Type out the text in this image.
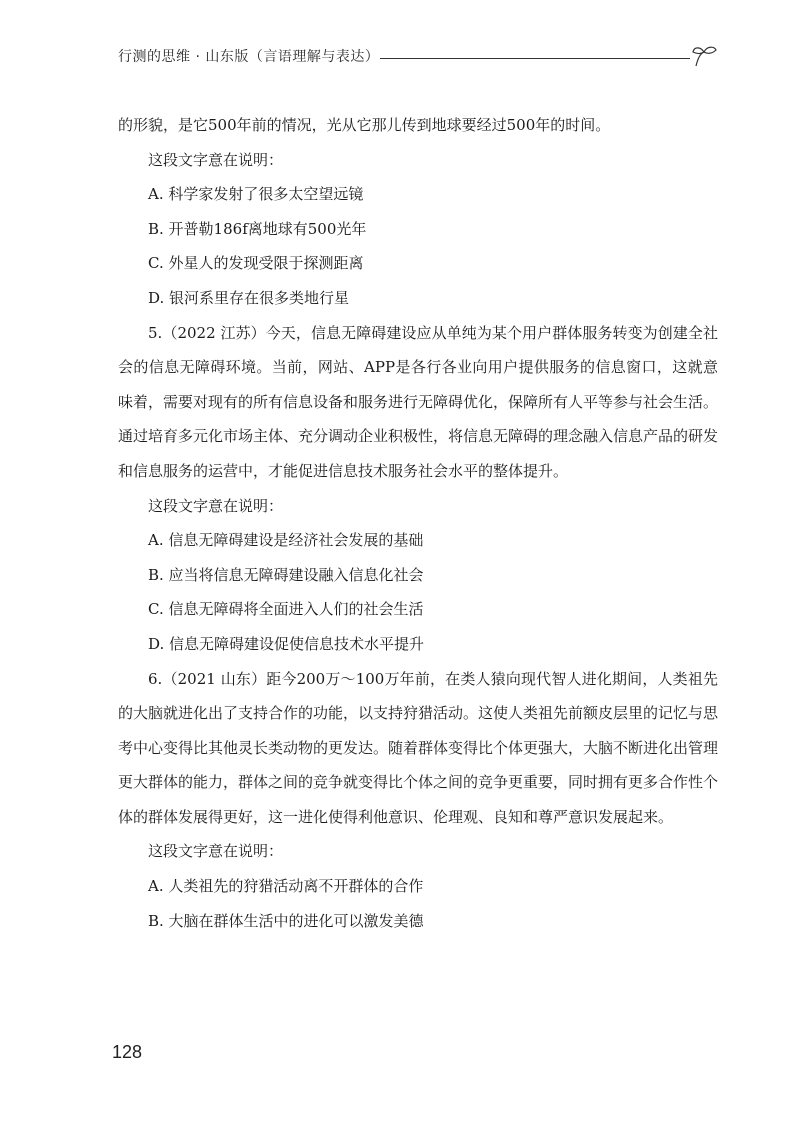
行测的思维 · 山东版（言语理解与表达）

的形貌，是它500年前的情况，光从它那儿传到地球要经过500年的时间。

这段文字意在说明：

A. 科学家发射了很多太空望远镜

B. 开普勒186f离地球有500光年

C. 外星人的发现受限于探测距离

D. 银河系里存在很多类地行星

5.（2022 江苏）今天，信息无障碍建设应从单纯为某个用户群体服务转变为创建全社会的信息无障碍环境。当前，网站、APP是各行各业向用户提供服务的信息窗口，这就意味着，需要对现有的所有信息设备和服务进行无障碍优化，保障所有人平等参与社会生活。通过培育多元化市场主体、充分调动企业积极性，将信息无障碍的理念融入信息产品的研发和信息服务的运营中，才能促进信息技术服务社会水平的整体提升。

这段文字意在说明：

A. 信息无障碍建设是经济社会发展的基础

B. 应当将信息无障碍建设融入信息化社会

C. 信息无障碍将全面进入人们的社会生活

D. 信息无障碍建设促使信息技术水平提升

6.（2021 山东）距今200万～100万年前，在类人猿向现代智人进化期间，人类祖先的大脑就进化出了支持合作的功能，以支持狩猎活动。这使人类祖先前额皮层里的记忆与思考中心变得比其他灵长类动物的更发达。随着群体变得比个体更强大，大脑不断进化出管理更大群体的能力，群体之间的竞争就变得比个体之间的竞争更重要，同时拥有更多合作性个体的群体发展得更好，这一进化使得利他意识、伦理观、良知和尊严意识发展起来。

这段文字意在说明：

A. 人类祖先的狩猎活动离不开群体的合作

B. 大脑在群体生活中的进化可以激发美德

128
